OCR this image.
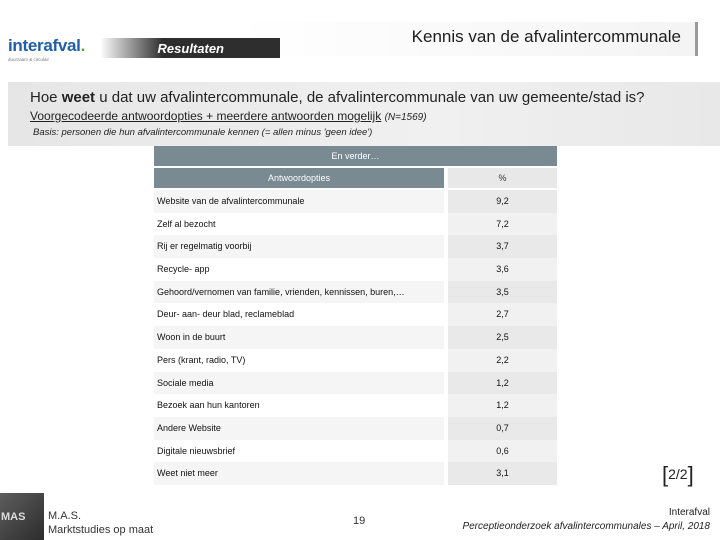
interafval.
duurzaam & circulair
Kennis van de afvalintercommunale
Resultaten
Hoe weet u dat uw afvalintercommunale, de afvalintercommunale van uw gemeente/stad is?
Voorgecodeerde antwoordopties + meerdere antwoorden mogelijk (N=1569)
Basis: personen die hun afvalintercommunale kennen (= allen minus 'geen idee')
En verder…
Antwoordopties	%
Website van de afvalintercommunale	9,2
Zelf al bezocht	7,2
Rij er regelmatig voorbij	3,7
Recycle- app	3,6
Gehoord/vernomen van familie, vrienden, kennissen, buren,…	3,5
Deur- aan- deur blad, reclameblad	2,7
Woon in de buurt	2,5
Pers (krant, radio, TV)	2,2
Sociale media	1,2
Bezoek aan hun kantoren	1,2
Andere Website	0,7
Digitale nieuwsbrief	0,6
Weet niet meer	3,1	[2/2]
MAS M.A.S.
Marktstudies op maat
19
Interafval
Perceptieonderzoek afvalintercommunales – April, 2018
